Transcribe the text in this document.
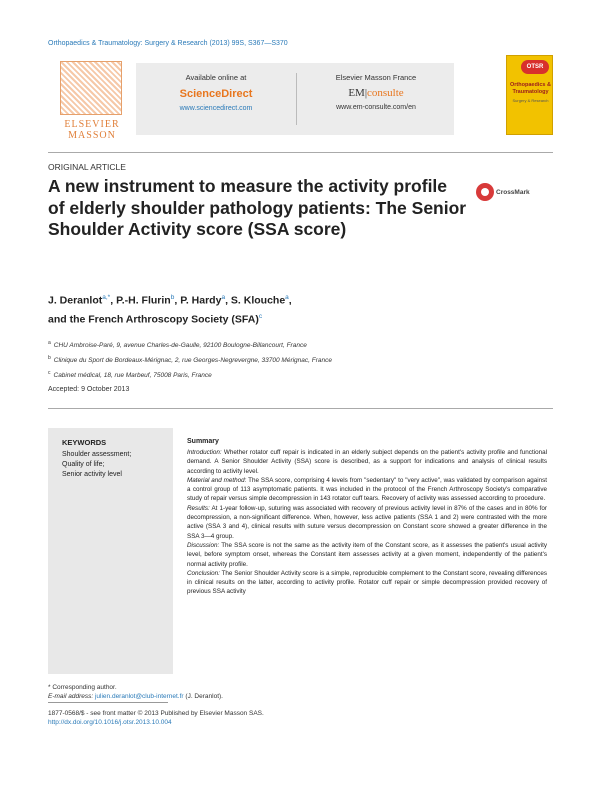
Orthopaedics & Traumatology: Surgery & Research (2013) 99S, S367—S370
ELSEVIER
MASSON
Available online at
ScienceDirect
www.sciencedirect.com
Elsevier Masson France
EM|consulte
www.em-consulte.com/en
OTSR
Orthopaedics & Traumatology
Surgery & Research
ORIGINAL ARTICLE
A new instrument to measure the activity profile of elderly shoulder pathology patients: The Senior Shoulder Activity score (SSA score)
CrossMark
J. Deranlot$^{a,*}$, P.-H. Flurin$^b$, P. Hardy$^a$, S. Klouche$^a$,
and the French Arthroscopy Society (SFA)$^c$
$^a$ CHU Ambroise-Paré, 9, avenue Charles-de-Gaulle, 92100 Boulogne-Billancourt, France
$^b$ Clinique du Sport de Bordeaux-Mérignac, 2, rue Georges-Negrevergne, 33700 Mérignac, France
$^c$ Cabinet médical, 18, rue Marbeuf, 75008 Paris, France
Accepted: 9 October 2013
KEYWORDS
Shoulder assessment;
Quality of life;
Senior activity level
Summary

Introduction: Whether rotator cuff repair is indicated in an elderly subject depends on the patient's activity profile and functional demand. A Senior Shoulder Activity (SSA) score is described, as a support for indications and analysis of clinical results according to activity level.

Material and method: The SSA score, comprising 4 levels from "sedentary" to "very active", was validated by comparison against a control group of 113 asymptomatic patients. It was included in the protocol of the French Arthroscopy Society's comparative study of repair versus simple decompression in 143 rotator cuff tears. Recovery of activity was assessed according to procedure.

Results: At 1-year follow-up, suturing was associated with recovery of previous activity level in 87% of the cases and in 80% for decompression, a non-significant difference. When, however, less active patients (SSA 1 and 2) were contrasted with the more active (SSA 3 and 4), clinical results with suture versus decompression on Constant score showed a greater difference in the SSA 3—4 group.

Discussion: The SSA score is not the same as the activity item of the Constant score, as it assesses the patient's usual activity level, before symptom onset, whereas the Constant item assesses activity at a given moment, independently of the patient's normal activity profile.

Conclusion: The Senior Shoulder Activity score is a simple, reproducible complement to the Constant score, revealing differences in clinical results on the latter, according to activity profile. Rotator cuff repair or simple decompression provided recovery of previous SSA activity

* Corresponding author.
E-mail address: julien.deranlot@club-internet.fr (J. Deranlot).
1877-0568/$ - see front matter © 2013 Published by Elsevier Masson SAS.
http://dx.doi.org/10.1016/j.otsr.2013.10.004
